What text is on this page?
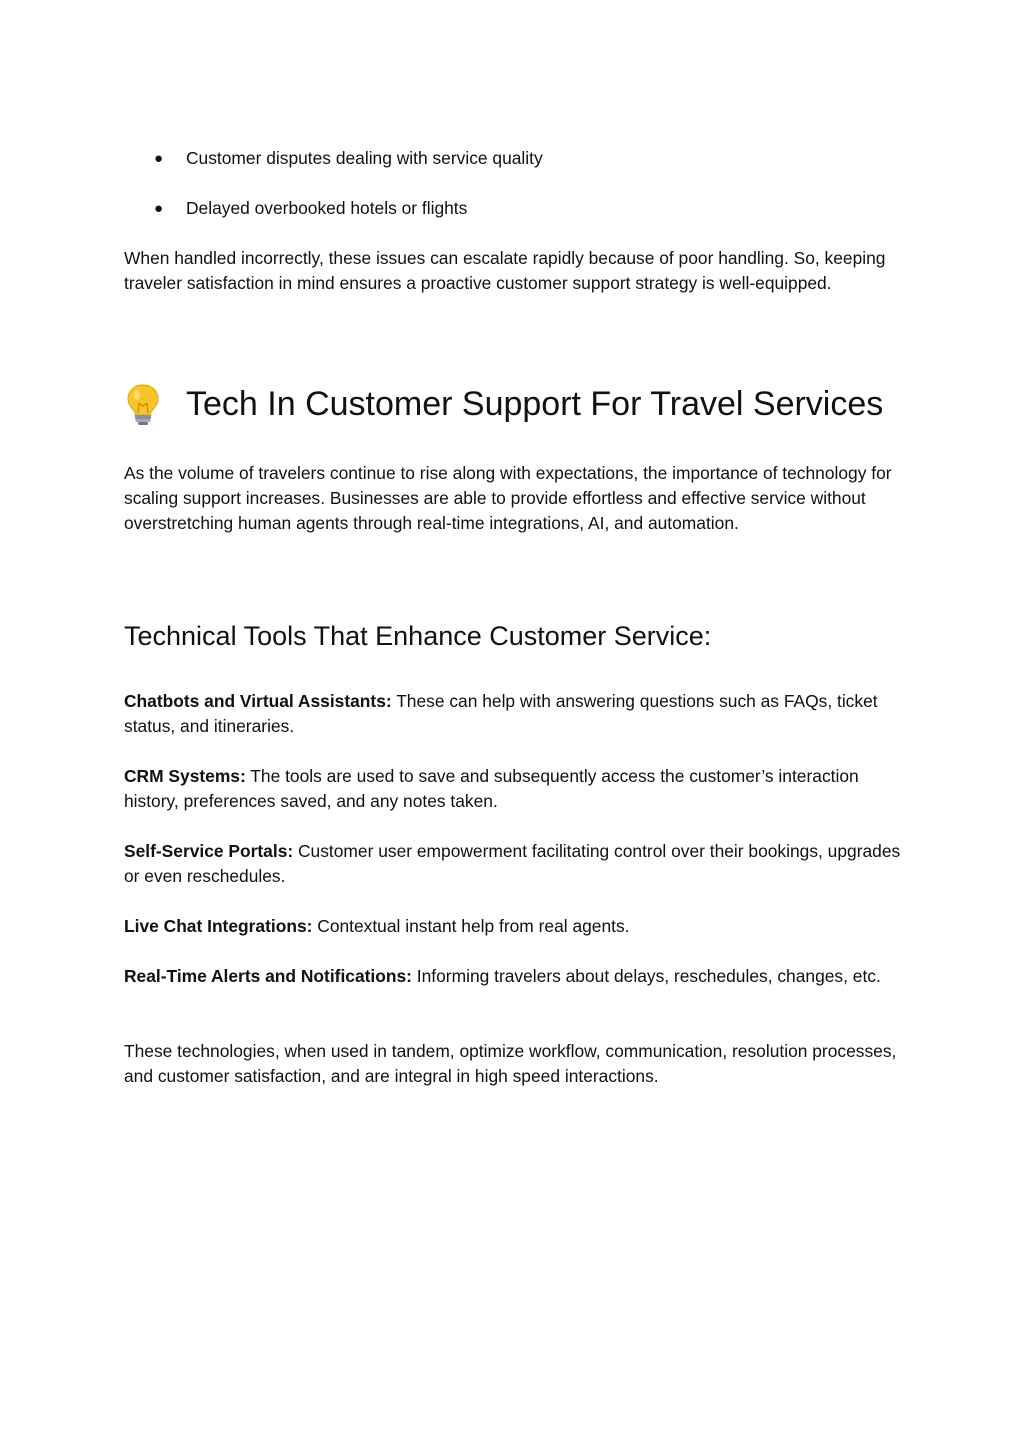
● Customer disputes dealing with service quality
● Delayed overbooked hotels or flights

When handled incorrectly, these issues can escalate rapidly because of poor handling. So, keeping traveler satisfaction in mind ensures a proactive customer support strategy is well-equipped.

Tech In Customer Support For Travel Services

As the volume of travelers continue to rise along with expectations, the importance of technology for scaling support increases. Businesses are able to provide effortless and effective service without overstretching human agents through real-time integrations, AI, and automation.

Technical Tools That Enhance Customer Service:

Chatbots and Virtual Assistants: These can help with answering questions such as FAQs, ticket status, and itineraries.

CRM Systems: The tools are used to save and subsequently access the customer’s interaction history, preferences saved, and any notes taken.

Self-Service Portals: Customer user empowerment facilitating control over their bookings, upgrades or even reschedules.

Live Chat Integrations: Contextual instant help from real agents.

Real-Time Alerts and Notifications: Informing travelers about delays, reschedules, changes, etc.

These technologies, when used in tandem, optimize workflow, communication, resolution processes, and customer satisfaction, and are integral in high speed interactions.
